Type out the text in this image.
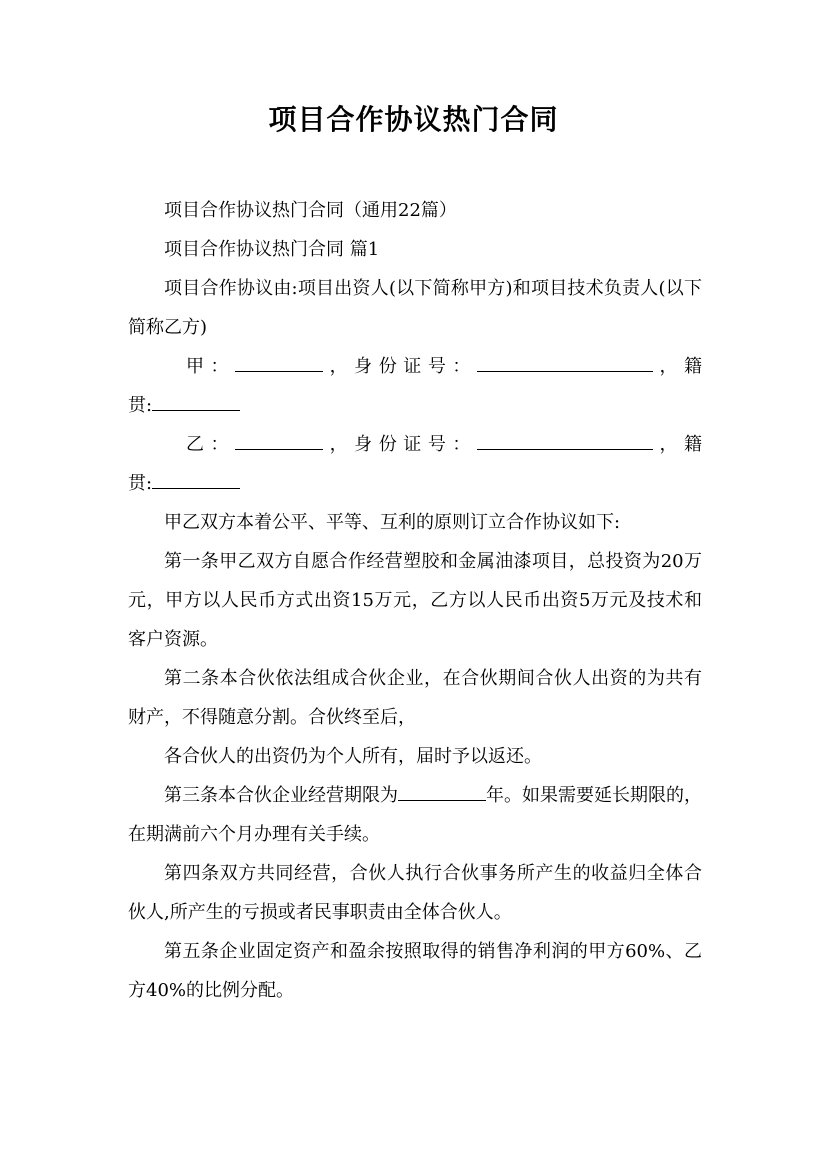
项目合作协议热门合同

项目合作协议热门合同（通用22篇）

项目合作协议热门合同 篇1

项目合作协议由:项目出资人(以下简称甲方)和项目技术负责人(以下简称乙方)

甲：	，身份证号：	，籍

贯:

乙：	，身份证号：	，籍

贯:

甲乙双方本着公平、平等、互利的原则订立合作协议如下:

第一条甲乙双方自愿合作经营塑胶和金属油漆项目，总投资为20万元，甲方以人民币方式出资15万元，乙方以人民币出资5万元及技术和客户资源。

第二条本合伙依法组成合伙企业，在合伙期间合伙人出资的为共有财产，不得随意分割。合伙终至后，

各合伙人的出资仍为个人所有，届时予以返还。

第三条本合伙企业经营期限为	年。如果需要延长期限的，在期满前六个月办理有关手续。

第四条双方共同经营，合伙人执行合伙事务所产生的收益归全体合伙人,所产生的亏损或者民事职责由全体合伙人。

第五条企业固定资产和盈余按照取得的销售净利润的甲方60%、乙方40%的比例分配。
